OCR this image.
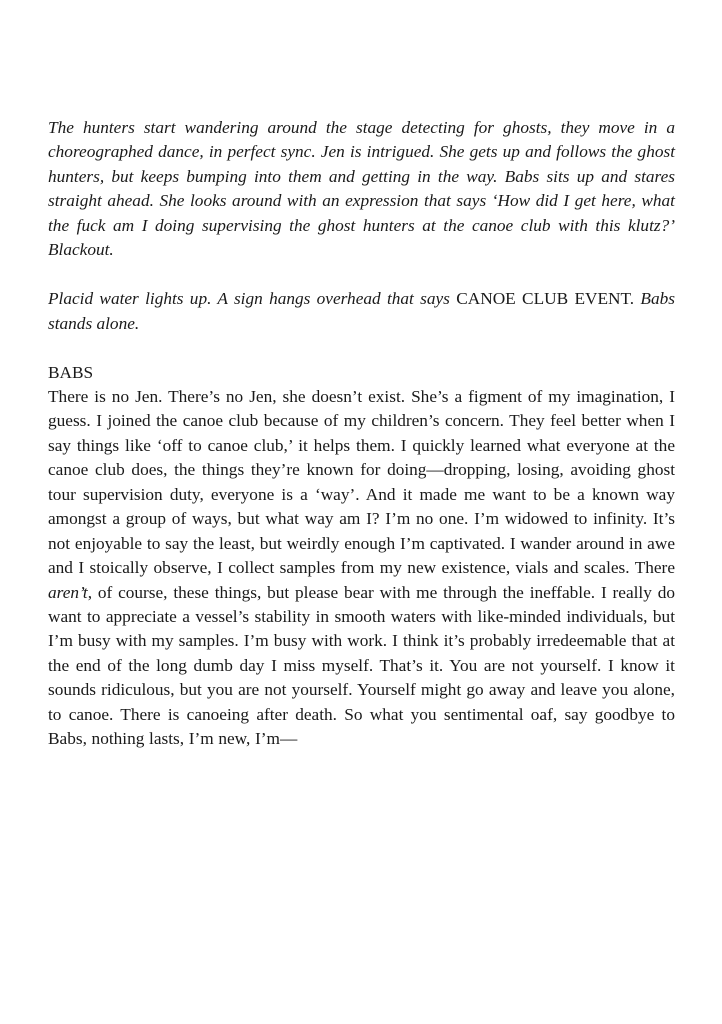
The hunters start wandering around the stage detecting for ghosts, they move in a choreographed dance, in perfect sync. Jen is intrigued. She gets up and follows the ghost hunters, but keeps bumping into them and getting in the way. Babs sits up and stares straight ahead. She looks around with an expression that says ‘How did I get here, what the fuck am I doing supervising the ghost hunters at the canoe club with this klutz?’ Blackout.

Placid water lights up. A sign hangs overhead that says CANOE CLUB EVENT. Babs stands alone.

BABS

There is no Jen. There’s no Jen, she doesn’t exist. She’s a figment of my imagination, I guess. I joined the canoe club because of my children’s concern. They feel better when I say things like ‘off to canoe club,’ it helps them. I quickly learned what everyone at the canoe club does, the things they’re known for doing—dropping, losing, avoiding ghost tour supervision duty, everyone is a ‘way’. And it made me want to be a known way amongst a group of ways, but what way am I? I’m no one. I’m widowed to infinity. It’s not enjoyable to say the least, but weirdly enough I’m captivated. I wander around in awe and I stoically observe, I collect samples from my new existence, vials and scales. There aren’t, of course, these things, but please bear with me through the ineffable. I really do want to appreciate a vessel’s stability in smooth waters with like-minded individuals, but I’m busy with my samples. I’m busy with work. I think it’s probably irredeemable that at the end of the long dumb day I miss myself. That’s it. You are not yourself. I know it sounds ridiculous, but you are not yourself. Yourself might go away and leave you alone, to canoe. There is canoeing after death. So what you sentimental oaf, say goodbye to Babs, nothing lasts, I’m new, I’m—
